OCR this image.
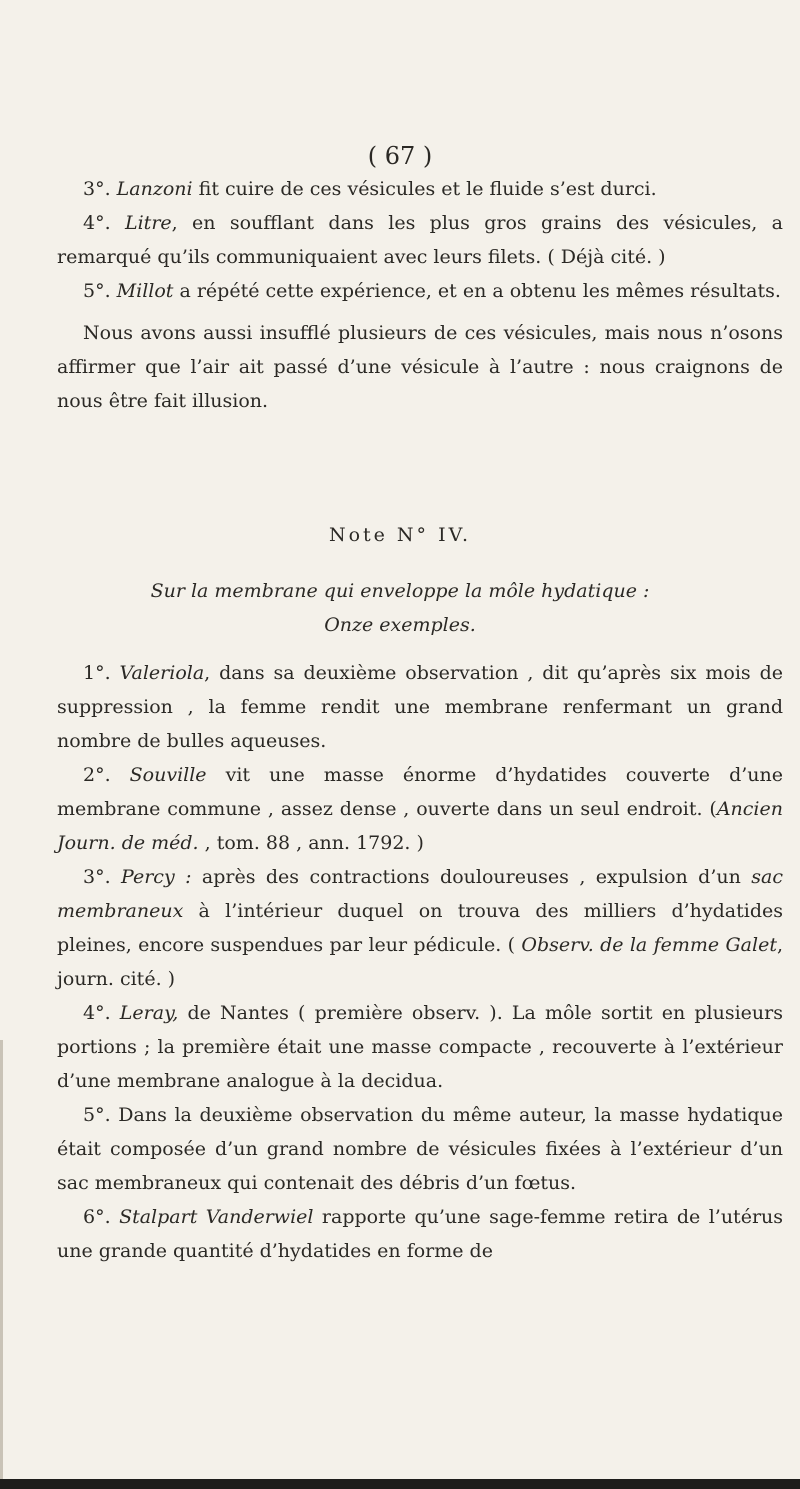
( 67 )

3°. Lanzoni fit cuire de ces vésicules et le fluide s’est durci.

4°. Litre, en soufflant dans les plus gros grains des vésicules, a remarqué qu’ils communiquaient avec leurs filets. ( Déjà cité. )

5°. Millot a répété cette expérience, et en a obtenu les mêmes résultats.

Nous avons aussi insufflé plusieurs de ces vésicules, mais nous n’osons affirmer que l’air ait passé d’une vésicule à l’autre : nous craignons de nous être fait illusion.

Note N° IV.
Sur la membrane qui enveloppe la môle hydatique :
Onze exemples.

1°. Valeriola, dans sa deuxième observation , dit qu’après six mois de suppression , la femme rendit une membrane renfermant un grand nombre de bulles aqueuses.

2°. Souville vit une masse énorme d’hydatides couverte d’une membrane commune , assez dense , ouverte dans un seul endroit. (Ancien Journ. de méd. , tom. 88 , ann. 1792. )

3°. Percy : après des contractions douloureuses , expulsion d’un sac membraneux à l’intérieur duquel on trouva des milliers d’hydatides pleines, encore suspendues par leur pédicule. ( Observ. de la femme Galet, journ. cité. )

4°. Leray, de Nantes ( première observ. ). La môle sortit en plusieurs portions ; la première était une masse compacte , recouverte à l’extérieur d’une membrane analogue à la decidua.

5°. Dans la deuxième observation du même auteur, la masse hydatique était composée d’un grand nombre de vésicules fixées à l’extérieur d’un sac membraneux qui contenait des débris d’un fœtus.

6°. Stalpart Vanderwiel rapporte qu’une sage-femme retira de l’utérus une grande quantité d’hydatides en forme de
